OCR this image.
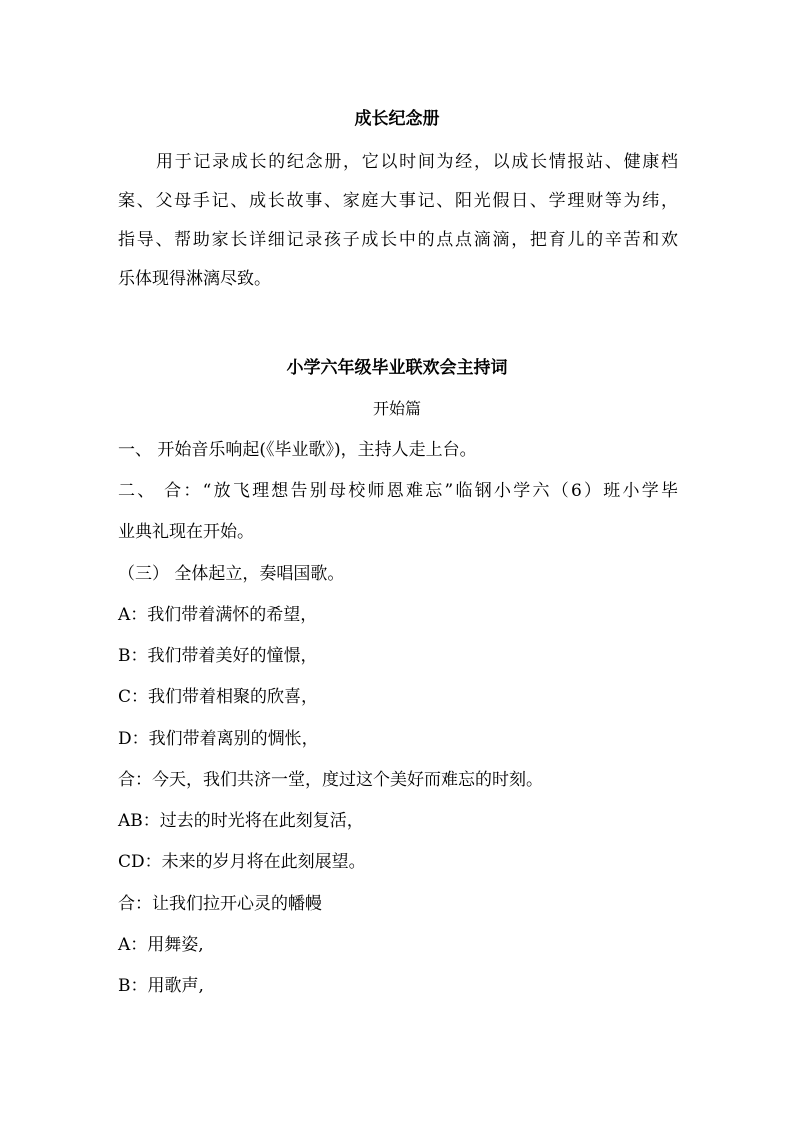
成长纪念册
用于记录成长的纪念册，它以时间为经，以成长情报站、健康档
案、父母手记、成长故事、家庭大事记、阳光假日、学理财等为纬，
指导、帮助家长详细记录孩子成长中的点点滴滴，把育儿的辛苦和欢
乐体现得淋漓尽致。
小学六年级毕业联欢会主持词
开始篇
一、 开始音乐响起(《毕业歌》)，主持人走上台。
二、 合：“放飞理想告别母校师恩难忘”临钢小学六（6）班小学毕
业典礼现在开始。
（三） 全体起立，奏唱国歌。
A：我们带着满怀的希望，
B：我们带着美好的憧憬，
C：我们带着相聚的欣喜，
D：我们带着离别的惆怅，
合：今天，我们共济一堂，度过这个美好而难忘的时刻。
AB：过去的时光将在此刻复活，
CD：未来的岁月将在此刻展望。
合：让我们拉开心灵的幡幔
A：用舞姿,
B：用歌声,
